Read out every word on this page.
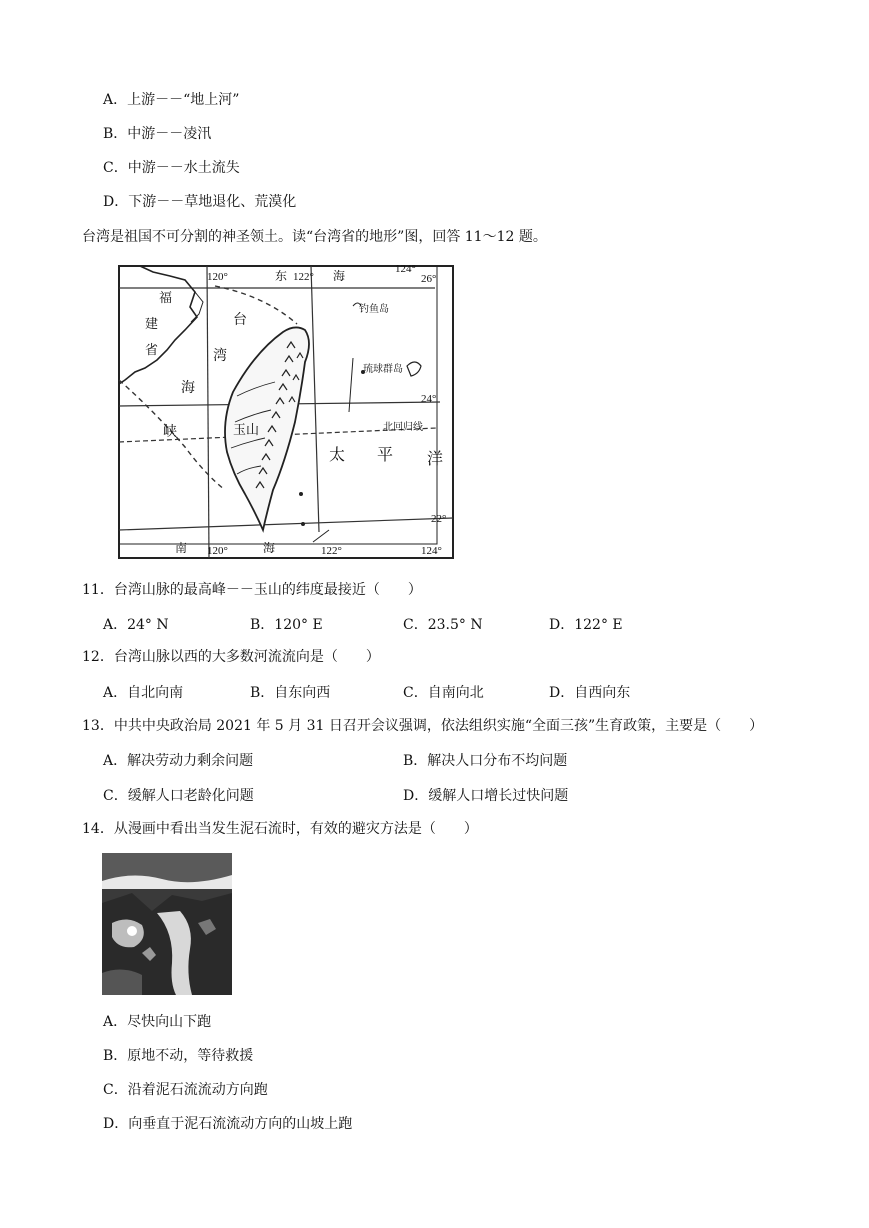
A．上游－－“地上河”
B．中游－－凌汛
C．中游－－水土流失
D．下游－－草地退化、荒漠化
台湾是祖国不可分割的神圣领土。读“台湾省的地形”图，回答 11～12 题。
120°	东 122° 海	124°
26°
福
建
省
台
湾
海
峡
钓鱼岛
琉球群岛
24°
玉山	北回归线
太 平 洋
22°
南 120°	海	122°	124°
11．台湾山脉的最高峰－－玉山的纬度最接近（　　）
A．24° N	B．120° E	C．23.5° N	D．122° E
12．台湾山脉以西的大多数河流流向是（　　）
A．自北向南	B．自东向西	C．自南向北	D．自西向东
13．中共中央政治局 2021 年 5 月 31 日召开会议强调，依法组织实施“全面三孩”生育政策，主要是（　　）
A．解决劳动力剩余问题	B．解决人口分布不均问题
C．缓解人口老龄化问题	D．缓解人口增长过快问题
14．从漫画中看出当发生泥石流时，有效的避灾方法是（　　）
A．尽快向山下跑
B．原地不动，等待救援
C．沿着泥石流流动方向跑
D．向垂直于泥石流流动方向的山坡上跑
